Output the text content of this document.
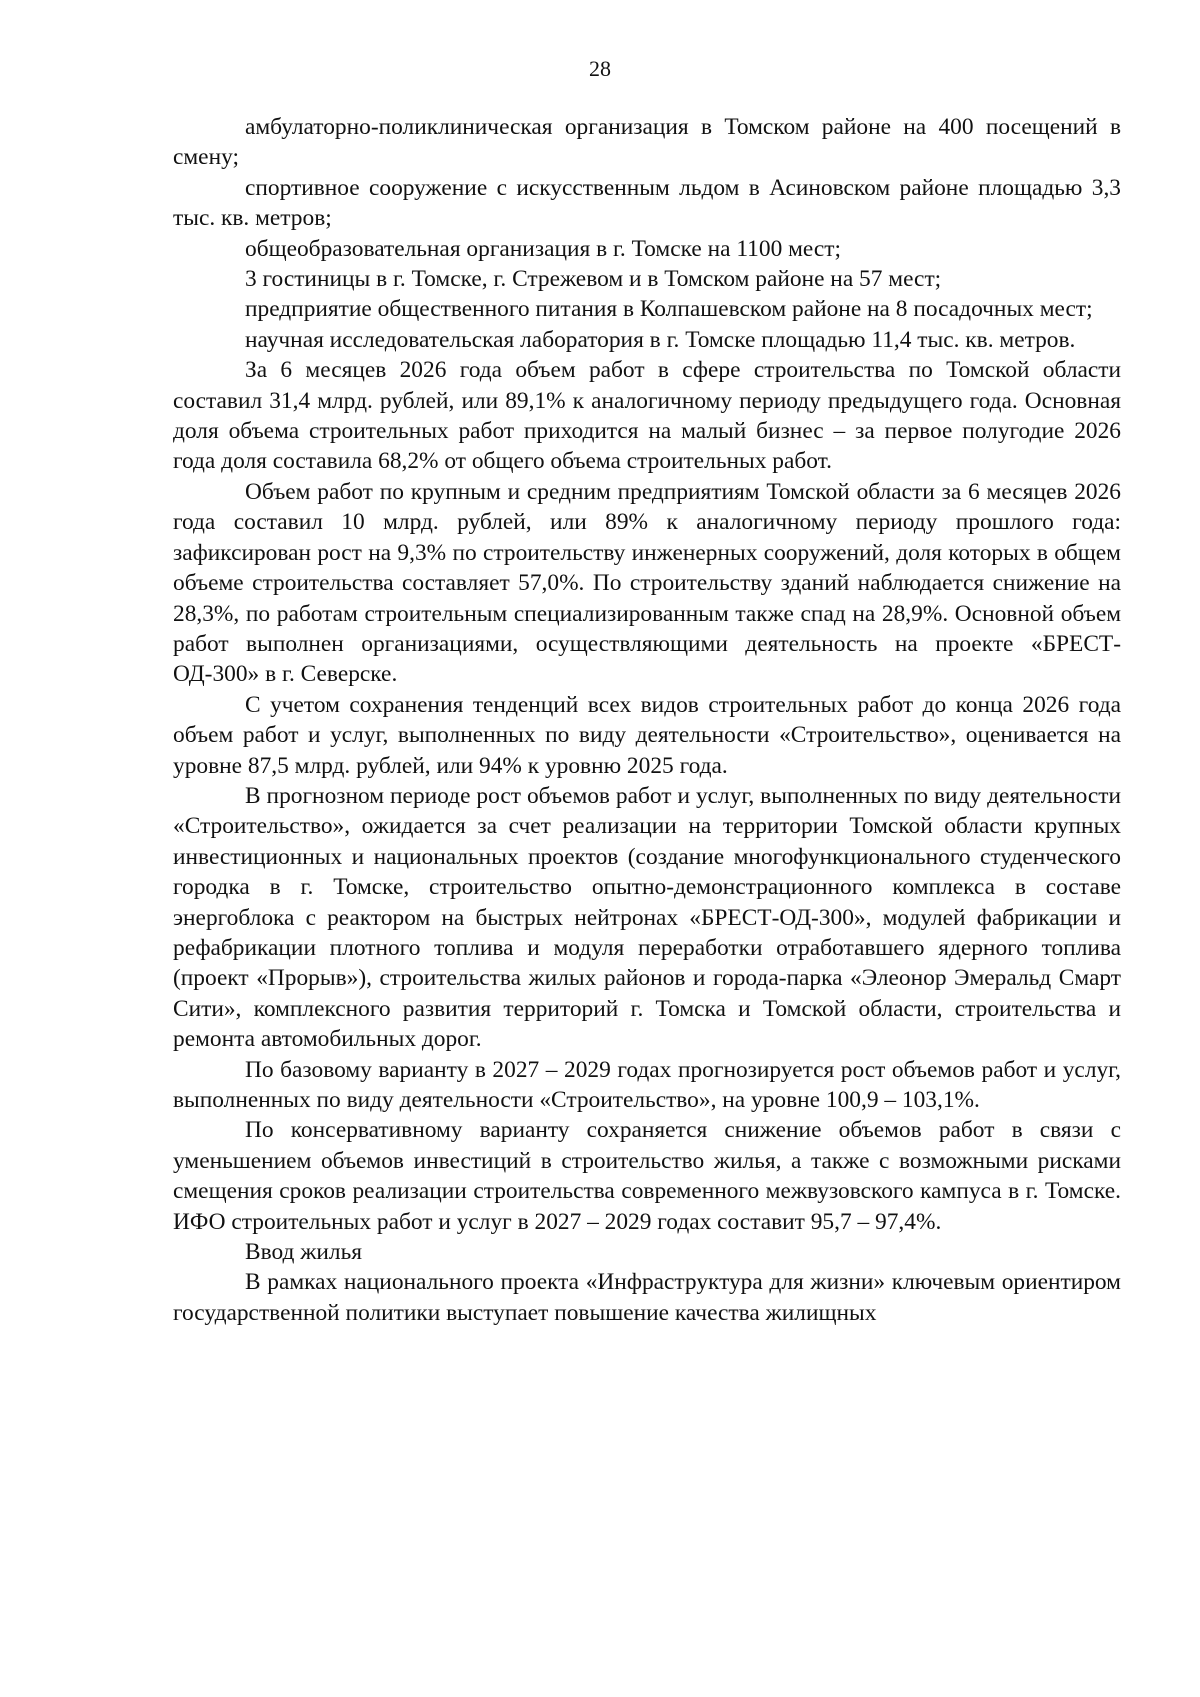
28

амбулаторно-поликлиническая организация в Томском районе на 400 посещений в смену;

спортивное сооружение с искусственным льдом в Асиновском районе площадью 3,3 тыс. кв. метров;

общеобразовательная организация в г. Томске на 1100 мест;

3 гостиницы в г. Томске, г. Стрежевом и в Томском районе на 57 мест;

предприятие общественного питания в Колпашевском районе на 8 посадочных мест;

научная исследовательская лаборатория в г. Томске площадью 11,4 тыс. кв. метров.

За 6 месяцев 2026 года объем работ в сфере строительства по Томской области составил 31,4 млрд. рублей, или 89,1% к аналогичному периоду предыдущего года. Основная доля объема строительных работ приходится на малый бизнес – за первое полугодие 2026 года доля составила 68,2% от общего объема строительных работ.

Объем работ по крупным и средним предприятиям Томской области за 6 месяцев 2026 года составил 10 млрд. рублей, или 89% к аналогичному периоду прошлого года: зафиксирован рост на 9,3% по строительству инженерных сооружений, доля которых в общем объеме строительства составляет 57,0%. По строительству зданий наблюдается снижение на 28,3%, по работам строительным специализированным также спад на 28,9%. Основной объем работ выполнен организациями, осуществляющими деятельность на проекте «БРЕСТ-ОД-300» в г. Северске.

С учетом сохранения тенденций всех видов строительных работ до конца 2026 года объем работ и услуг, выполненных по виду деятельности «Строительство», оценивается на уровне 87,5 млрд. рублей, или 94% к уровню 2025 года.

В прогнозном периоде рост объемов работ и услуг, выполненных по виду деятельности «Строительство», ожидается за счет реализации на территории Томской области крупных инвестиционных и национальных проектов (создание многофункционального студенческого городка в г. Томске, строительство опытно-демонстрационного комплекса в составе энергоблока с реактором на быстрых нейтронах «БРЕСТ-ОД-300», модулей фабрикации и рефабрикации плотного топлива и модуля переработки отработавшего ядерного топлива (проект «Прорыв»), строительства жилых районов и города-парка «Элеонор Эмеральд Смарт Сити», комплексного развития территорий г. Томска и Томской области, строительства и ремонта автомобильных дорог.

По базовому варианту в 2027 – 2029 годах прогнозируется рост объемов работ и услуг, выполненных по виду деятельности «Строительство», на уровне 100,9 – 103,1%.

По консервативному варианту сохраняется снижение объемов работ в связи с уменьшением объемов инвестиций в строительство жилья, а также с возможными рисками смещения сроков реализации строительства современного межвузовского кампуса в г. Томске. ИФО строительных работ и услуг в 2027 – 2029 годах составит 95,7 – 97,4%.

Ввод жилья

В рамках национального проекта «Инфраструктура для жизни» ключевым ориентиром государственной политики выступает повышение качества жилищных
